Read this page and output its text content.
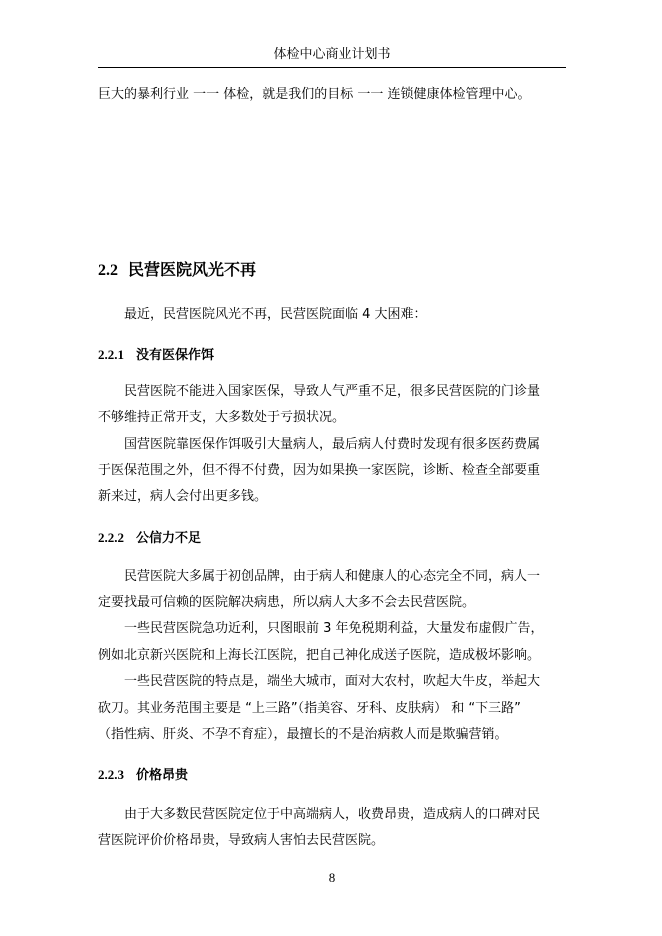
体检中心商业计划书
巨大的暴利行业 一一 体检，就是我们的目标 一一 连锁健康体检管理中心。
2.2 民营医院风光不再
最近，民营医院风光不再，民营医院面临 4 大困难：
2.2.1 没有医保作饵
民营医院不能进入国家医保，导致人气严重不足，很多民营医院的门诊量
不够维持正常开支，大多数处于亏损状况。
国营医院靠医保作饵吸引大量病人，最后病人付费时发现有很多医药费属
于医保范围之外，但不得不付费，因为如果换一家医院，诊断、检查全部要重
新来过，病人会付出更多钱。
2.2.2 公信力不足
民营医院大多属于初创品牌，由于病人和健康人的心态完全不同，病人一
定要找最可信赖的医院解决病患，所以病人大多不会去民营医院。
一些民营医院急功近利，只图眼前 3 年免税期利益，大量发布虚假广告，
例如北京新兴医院和上海长江医院，把自己神化成送子医院，造成极坏影响。
一些民营医院的特点是，端坐大城市，面对大农村，吹起大牛皮，举起大
砍刀。其业务范围主要是 “上三路”（指美容、牙科、皮肤病） 和 “下三路”
（指性病、肝炎、不孕不育症），最擅长的不是治病救人而是欺骗营销。
2.2.3 价格昂贵
由于大多数民营医院定位于中高端病人，收费昂贵，造成病人的口碑对民
营医院评价价格昂贵，导致病人害怕去民营医院。
8
